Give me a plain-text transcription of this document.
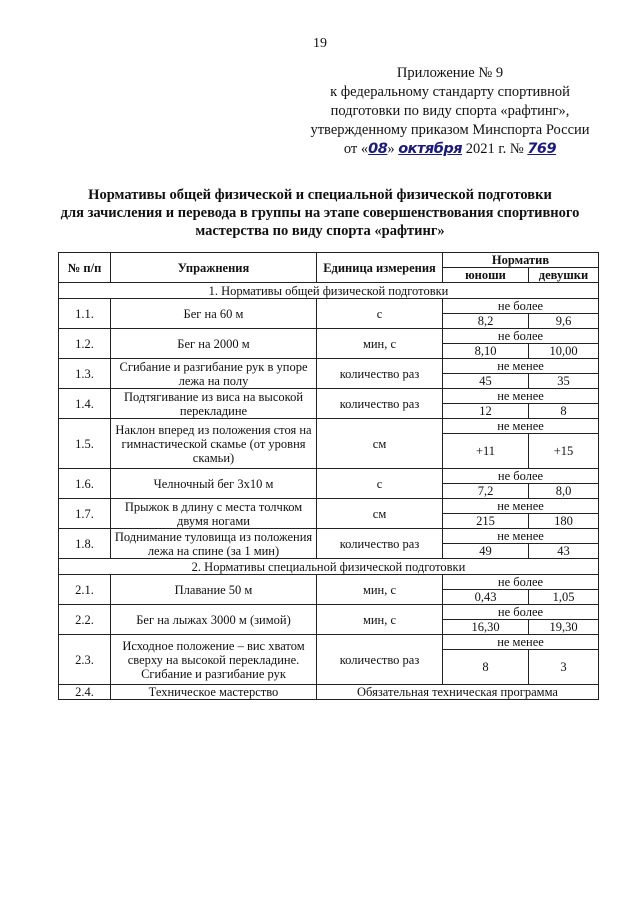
19
Приложение № 9
к федеральному стандарту спортивной
подготовки по виду спорта «рафтинг»,
утвержденному приказом Минспорта России
от «08» октября 2021 г. № 769
Нормативы общей физической и специальной физической подготовки
для зачисления и перевода в группы на этапе совершенствования спортивного
мастерства по виду спорта «рафтинг»
№ п/п	Упражнения	Единица измерения	Норматив	
			юноши	девушки
1. Нормативы общей физической подготовки				
1.1.	Бег на 60 м	с	не более	
			8,2	9,6
1.2.	Бег на 2000 м	мин, с	не более	
			8,10	10,00
1.3.	Сгибание и разгибание рук в упоре лежа на полу	количество раз	не менее	
			45	35
1.4.	Подтягивание из виса на высокой перекладине	количество раз	не менее	
			12	8
1.5.	Наклон вперед из положения стоя на гимнастической скамье (от уровня скамьи)	см	не менее	
			+11	+15
1.6.	Челночный бег 3х10 м	с	не более	
			7,2	8,0
1.7.	Прыжок в длину с места толчком двумя ногами	см	не менее	
			215	180
1.8.	Поднимание туловища из положения лежа на спине (за 1 мин)	количество раз	не менее	
			49	43
2. Нормативы специальной физической подготовки				
2.1.	Плавание 50 м	мин, с	не более	
			0,43	1,05
2.2.	Бег на лыжах 3000 м (зимой)	мин, с	не более	
			16,30	19,30
2.3.	Исходное положение – вис хватом сверху на высокой перекладине. Сгибание и разгибание рук	количество раз	не менее	
			8	3
2.4.	Техническое мастерство	Обязательная техническая программа		
